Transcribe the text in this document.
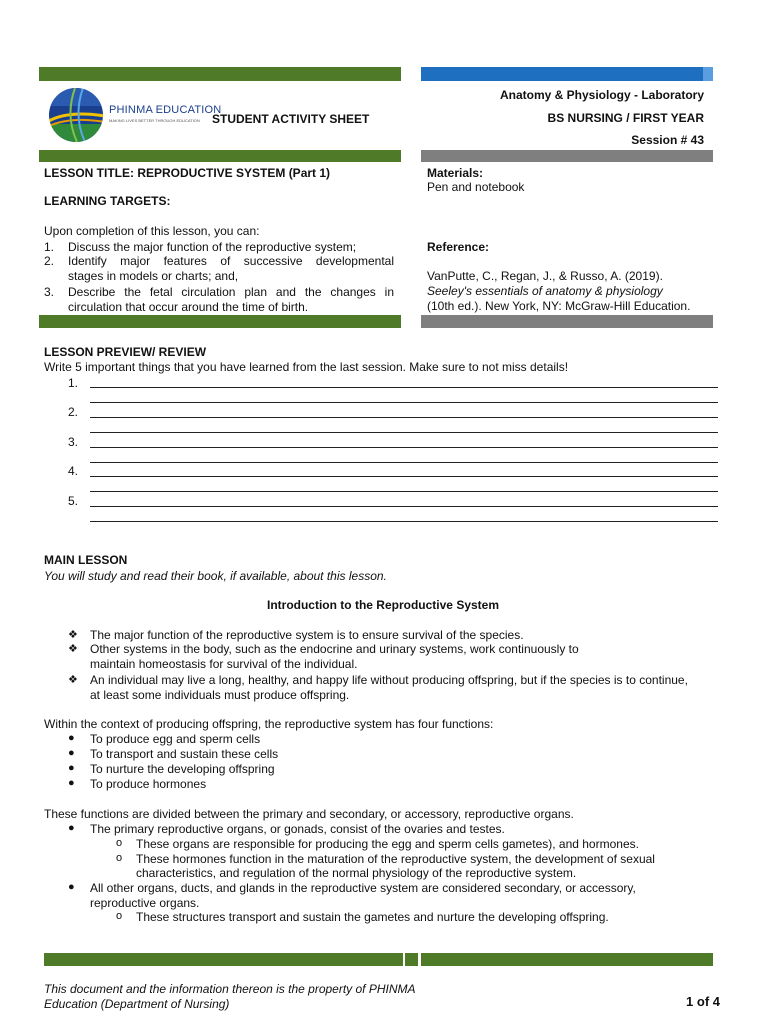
PHINMA EDUCATION
MAKING LIVES BETTER THROUGH EDUCATION STUDENT ACTIVITY SHEET
Anatomy & Physiology - Laboratory
BS NURSING / FIRST YEAR
Session # 43
LESSON TITLE: REPRODUCTIVE SYSTEM (Part 1)
LEARNING TARGETS:
Upon completion of this lesson, you can:
1. Discuss the major function of the reproductive system;
2. Identify major features of successive developmental
stages in models or charts; and,
3. Describe the fetal circulation plan and the changes in
circulation that occur around the time of birth.
Materials:
Pen and notebook
Reference:
VanPutte, C., Regan, J., & Russo, A. (2019).
Seeley's essentials of anatomy & physiology
(10th ed.). New York, NY: McGraw-Hill Education.
LESSON PREVIEW/ REVIEW
Write 5 important things that you have learned from the last session. Make sure to not miss details!
1.
2.
3.
4.
5.
MAIN LESSON
You will study and read their book, if available, about this lesson.
Introduction to the Reproductive System
❖ The major function of the reproductive system is to ensure survival of the species.
❖ Other systems in the body, such as the endocrine and urinary systems, work continuously to
maintain homeostasis for survival of the individual.
❖ An individual may live a long, healthy, and happy life without producing offspring, but if the species is to continue,
at least some individuals must produce offspring.
Within the context of producing offspring, the reproductive system has four functions:
● To produce egg and sperm cells
● To transport and sustain these cells
● To nurture the developing offspring
● To produce hormones
These functions are divided between the primary and secondary, or accessory, reproductive organs.
● The primary reproductive organs, or gonads, consist of the ovaries and testes.
o These organs are responsible for producing the egg and sperm cells gametes), and hormones.
o These hormones function in the maturation of the reproductive system, the development of sexual
characteristics, and regulation of the normal physiology of the reproductive system.
● All other organs, ducts, and glands in the reproductive system are considered secondary, or accessory,
reproductive organs.
o These structures transport and sustain the gametes and nurture the developing offspring.
This document and the information thereon is the property of PHINMA
Education (Department of Nursing)	1 of 4
